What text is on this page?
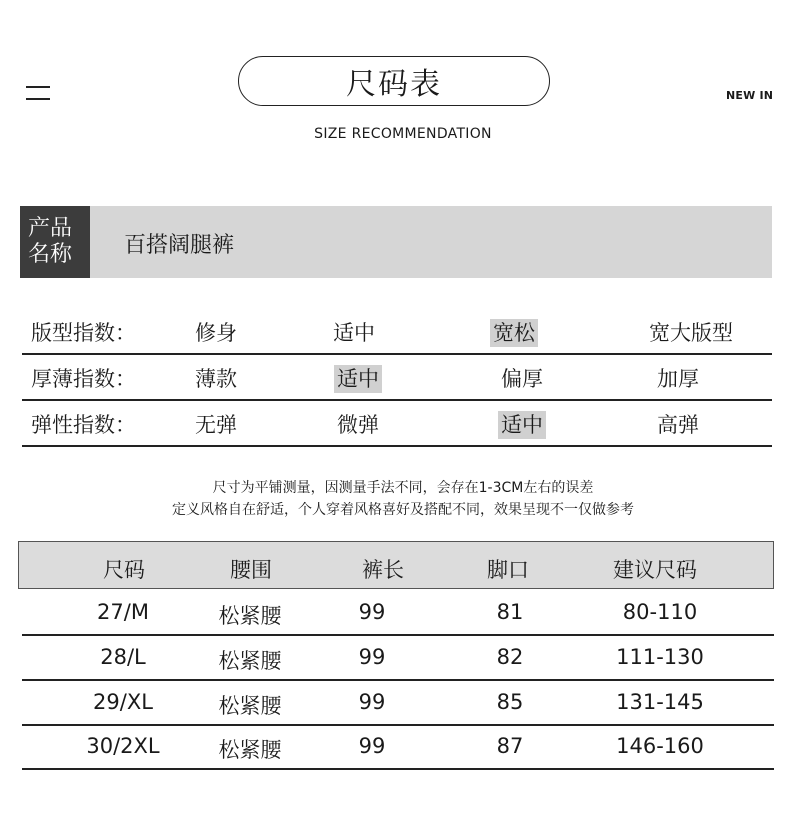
尺码表	NEW IN
SIZE RECOMMENDATION
产品
名称	百搭阔腿裤
版型指数：	修身	适中	宽松	宽大版型
厚薄指数：	薄款	适中	偏厚	加厚
弹性指数：	无弹	微弹	适中	高弹
尺寸为平铺测量，因测量手法不同，会存在1-3CM左右的误差
定义风格自在舒适，个人穿着风格喜好及搭配不同，效果呈现不一仅做参考
尺码	腰围	裤长	脚口	建议尺码
27/M	松紧腰	99	81	80-110
28/L	松紧腰	99	82	111-130
29/XL	松紧腰	99	85	131-145
30/2XL	松紧腰	99	87	146-160
